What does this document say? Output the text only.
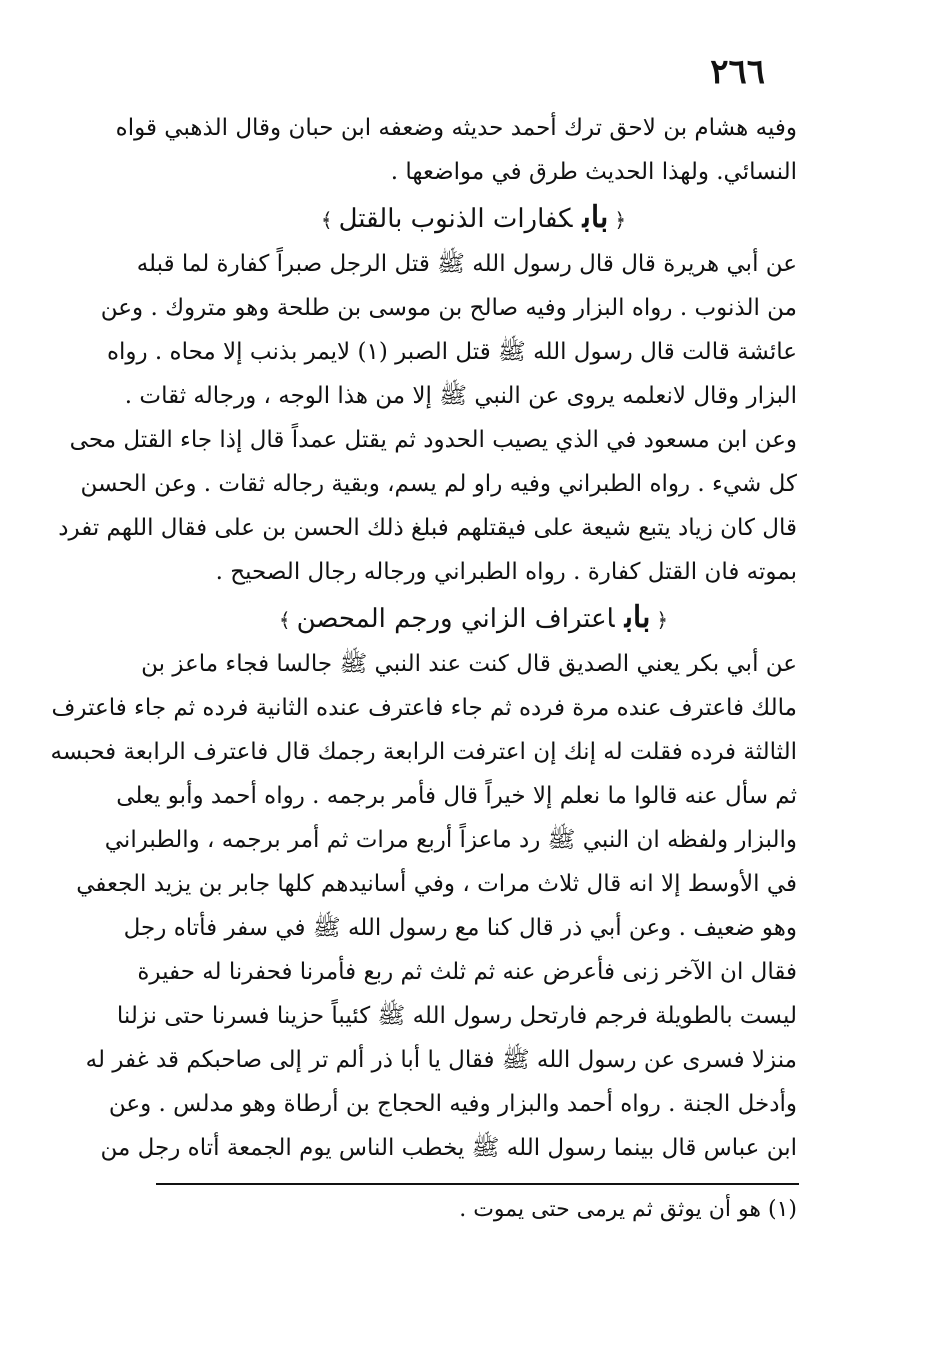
٢٦٦
وفيه هشام بن لاحق ترك أحمد حديثه وضعفه ابن حبان وقال الذهبي قواه
النسائي. ولهذا الحديث طرق في مواضعها .
﴿بابكفارات الذنوب بالقتل﴾
عن أبي هريرة قال قال رسول الله ﷺ قتل الرجل صبراً كفارة لما قبله
من الذنوب . رواه البزار وفيه صالح بن موسى بن طلحة وهو متروك . وعن
عائشة قالت قال رسول الله ﷺ قتل الصبر (١) لايمر بذنب إلا محاه . رواه
البزار وقال لانعلمه يروى عن النبي ﷺ إلا من هذا الوجه ، ورجاله ثقات .
وعن ابن مسعود في الذي يصيب الحدود ثم يقتل عمداً قال إذا جاء القتل محى
كل شيء . رواه الطبراني وفيه راو لم يسم، وبقية رجاله ثقات . وعن الحسن
قال كان زياد يتبع شيعة على فيقتلهم فبلغ ذلك الحسن بن على فقال اللهم تفرد
بموته فان القتل كفارة . رواه الطبراني ورجاله رجال الصحيح .
﴿باباعتراف الزاني ورجم المحصن﴾
عن أبي بكر يعني الصديق قال كنت عند النبي ﷺ جالسا فجاء ماعز بن
مالك فاعترف عنده مرة فرده ثم جاء فاعترف عنده الثانية فرده ثم جاء فاعترف
الثالثة فرده فقلت له إنك إن اعترفت الرابعة رجمك قال فاعترف الرابعة فحبسه
ثم سأل عنه قالوا ما نعلم إلا خيراً قال فأمر برجمه . رواه أحمد وأبو يعلى
والبزار ولفظه ان النبي ﷺ رد ماعزاً أربع مرات ثم أمر برجمه ، والطبراني
في الأوسط إلا انه قال ثلاث مرات ، وفي أسانيدهم كلها جابر بن يزيد الجعفي
وهو ضعيف . وعن أبي ذر قال كنا مع رسول الله ﷺ في سفر فأتاه رجل
فقال ان الآخر زنى فأعرض عنه ثم ثلث ثم ربع فأمرنا فحفرنا له حفيرة
ليست بالطويلة فرجم فارتحل رسول الله ﷺ كئيباً حزينا فسرنا حتى نزلنا
منزلا فسرى عن رسول الله ﷺ فقال يا أبا ذر ألم تر إلى صاحبكم قد غفر له
وأدخل الجنة . رواه أحمد والبزار وفيه الحجاج بن أرطاة وهو مدلس . وعن
ابن عباس قال بينما رسول الله ﷺ يخطب الناس يوم الجمعة أتاه رجل من
(١) هو أن يوثق ثم يرمى حتى يموت .
